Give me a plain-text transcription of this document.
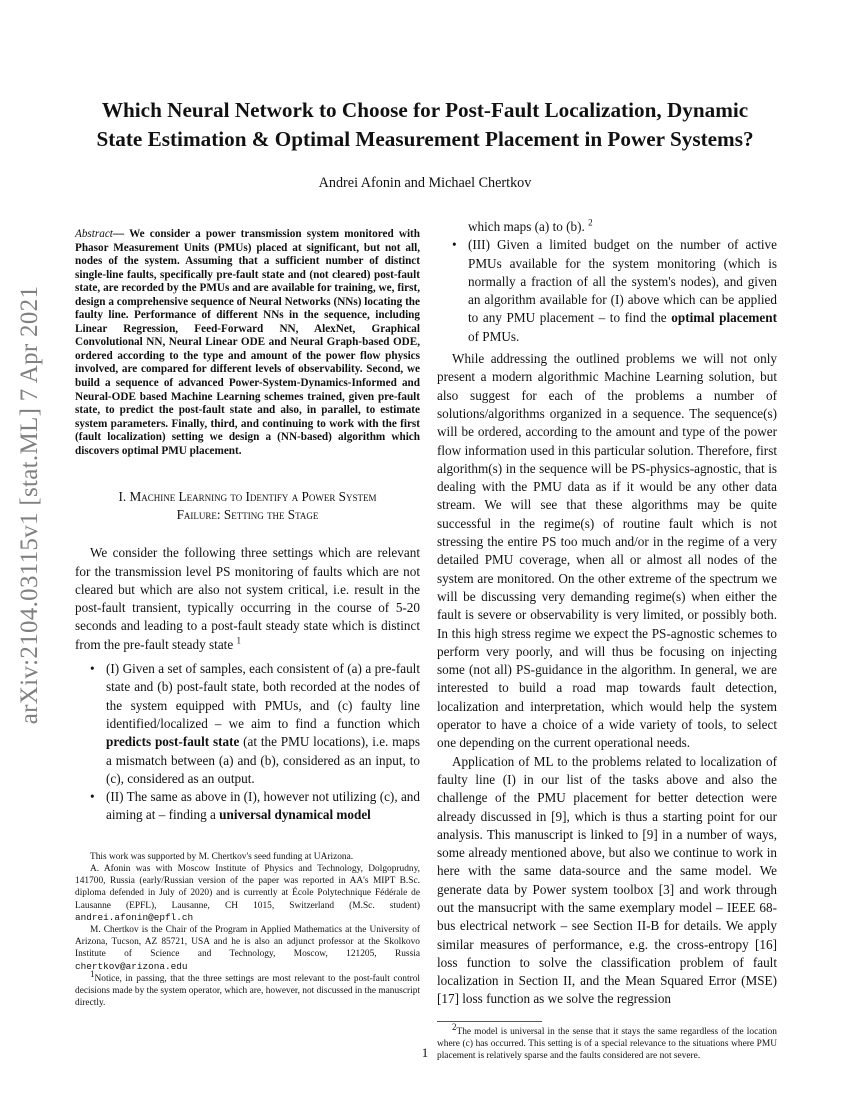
arXiv:2104.03115v1 [stat.ML] 7 Apr 2021
Which Neural Network to Choose for Post-Fault Localization, Dynamic
State Estimation & Optimal Measurement Placement in Power Systems?
Andrei Afonin and Michael Chertkov

Abstract— We consider a power transmission system monitored with Phasor Measurement Units (PMUs) placed at significant, but not all, nodes of the system. Assuming that a sufficient number of distinct single-line faults, specifically pre-fault state and (not cleared) post-fault state, are recorded by the PMUs and are available for training, we, first, design a comprehensive sequence of Neural Networks (NNs) locating the faulty line. Performance of different NNs in the sequence, including Linear Regression, Feed-Forward NN, AlexNet, Graphical Convolutional NN, Neural Linear ODE and Neural Graph-based ODE, ordered according to the type and amount of the power flow physics involved, are compared for different levels of observability. Second, we build a sequence of advanced Power-System-Dynamics-Informed and Neural-ODE based Machine Learning schemes trained, given pre-fault state, to predict the post-fault state and also, in parallel, to estimate system parameters. Finally, third, and continuing to work with the first (fault localization) setting we design a (NN-based) algorithm which discovers optimal PMU placement.

I. Machine Learning to Identify a Power System
Failure: Setting the Stage

We consider the following three settings which are relevant for the transmission level PS monitoring of faults which are not cleared but which are also not system critical, i.e. result in the post-fault transient, typically occurring in the course of 5-20 seconds and leading to a post-fault steady state which is distinct from the pre-fault steady state $^1$

• (I) Given a set of samples, each consistent of (a) a pre-fault state and (b) post-fault state, both recorded at the nodes of the system equipped with PMUs, and (c) faulty line identified/localized – we aim to find a function which predicts post-fault state (at the PMU locations), i.e. maps a mismatch between (a) and (b), considered as an input, to (c), considered as an output.
• (II) The same as above in (I), however not utilizing (c), and aiming at – finding a universal dynamical model

This work was supported by M. Chertkov's seed funding at UArizona.

A. Afonin was with Moscow Institute of Physics and Technology, Dolgoprudny, 141700, Russia (early/Russian version of the paper was reported in AA's MIPT B.Sc. diploma defended in July of 2020) and is currently at École Polytechnique Fédérale de Lausanne (EPFL), Lausanne, CH 1015, Switzerland (M.Sc. student) andrei.afonin@epfl.ch

M. Chertkov is the Chair of the Program in Applied Mathematics at the University of Arizona, Tucson, AZ 85721, USA and he is also an adjunct professor at the Skolkovo Institute of Science and Technology, Moscow, 121205, Russia chertkov@arizona.edu

1Notice, in passing, that the three settings are most relevant to the post-fault control decisions made by the system operator, which are, however, not discussed in the manuscript directly.

which maps (a) to (b). $^2$

• (III) Given a limited budget on the number of active PMUs available for the system monitoring (which is normally a fraction of all the system's nodes), and given an algorithm available for (I) above which can be applied to any PMU placement – to find the optimal placement of PMUs.

While addressing the outlined problems we will not only present a modern algorithmic Machine Learning solution, but also suggest for each of the problems a number of solutions/algorithms organized in a sequence. The sequence(s) will be ordered, according to the amount and type of the power flow information used in this particular solution. Therefore, first algorithm(s) in the sequence will be PS-physics-agnostic, that is dealing with the PMU data as if it would be any other data stream. We will see that these algorithms may be quite successful in the regime(s) of routine fault which is not stressing the entire PS too much and/or in the regime of a very detailed PMU coverage, when all or almost all nodes of the system are monitored. On the other extreme of the spectrum we will be discussing very demanding regime(s) when either the fault is severe or observability is very limited, or possibly both. In this high stress regime we expect the PS-agnostic schemes to perform very poorly, and will thus be focusing on injecting some (not all) PS-guidance in the algorithm. In general, we are interested to build a road map towards fault detection, localization and interpretation, which would help the system operator to have a choice of a wide variety of tools, to select one depending on the current operational needs.

Application of ML to the problems related to localization of faulty line (I) in our list of the tasks above and also the challenge of the PMU placement for better detection were already discussed in [9], which is thus a starting point for our analysis. This manuscript is linked to [9] in a number of ways, some already mentioned above, but also we continue to work in here with the same data-source and the same model. We generate data by Power system toolbox [3] and work through out the mansucript with the same exemplary model – IEEE 68-bus electrical network – see Section II-B for details. We apply similar measures of performance, e.g. the cross-entropy [16] loss function to solve the classification problem of fault localization in Section II, and the Mean Squared Error (MSE) [17] loss function as we solve the regression

2The model is universal in the sense that it stays the same regardless of the location where (c) has occurred. This setting is of a special relevance to the situations where PMU placement is relatively sparse and the faults considered are not severe.

1
